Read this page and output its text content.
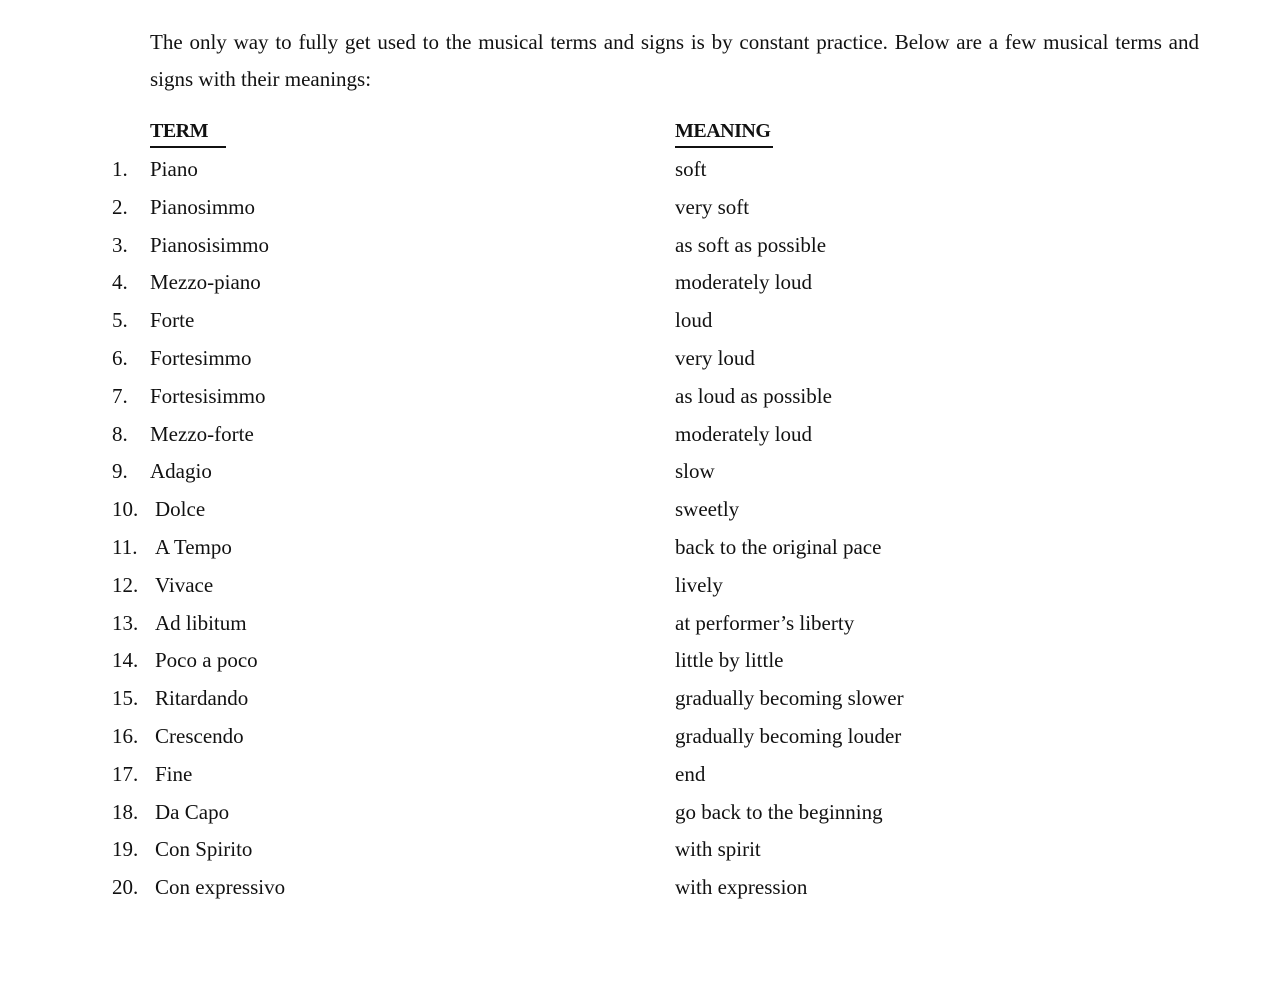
The only way to fully get used to the musical terms and signs is by constant practice. Below are a few musical terms and signs with their meanings:

TERM	MEANING
1. Piano	soft
2. Pianosimmo	very soft
3. Pianosisimmo	as soft as possible
4. Mezzo-piano	moderately loud
5. Forte	loud
6. Fortesimmo	very loud
7. Fortesisimmo	as loud as possible
8. Mezzo-forte	moderately loud
9. Adagio	slow
10. Dolce	sweetly
11. A Tempo	back to the original pace
12. Vivace	lively
13. Ad libitum	at performer’s liberty
14. Poco a poco	little by little
15. Ritardando	gradually becoming slower
16. Crescendo	gradually becoming louder
17. Fine	end
18. Da Capo	go back to the beginning
19. Con Spirito	with spirit
20. Con expressivo	with expression
